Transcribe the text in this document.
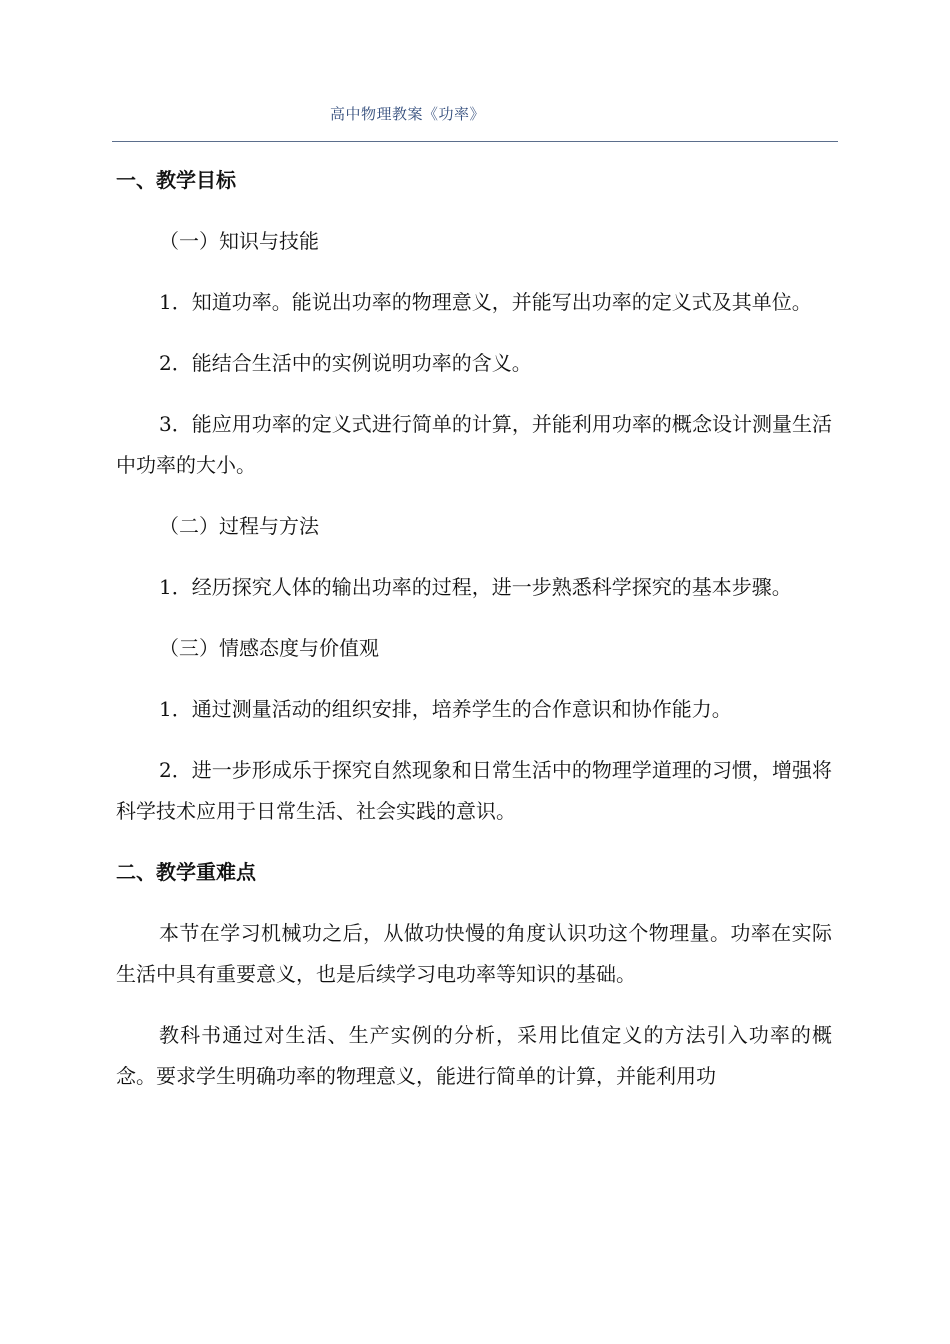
高中物理教案《功率》
一、教学目标
（一）知识与技能

1．知道功率。能说出功率的物理意义，并能写出功率的定义式及其单位。

2．能结合生活中的实例说明功率的含义。

3．能应用功率的定义式进行简单的计算，并能利用功率的概念设计测量生活中功率的大小。

（二）过程与方法

1．经历探究人体的输出功率的过程，进一步熟悉科学探究的基本步骤。

（三）情感态度与价值观

1．通过测量活动的组织安排，培养学生的合作意识和协作能力。

2．进一步形成乐于探究自然现象和日常生活中的物理学道理的习惯，增强将科学技术应用于日常生活、社会实践的意识。

二、教学重难点

本节在学习机械功之后，从做功快慢的角度认识功这个物理量。功率在实际生活中具有重要意义，也是后续学习电功率等知识的基础。

教科书通过对生活、生产实例的分析，采用比值定义的方法引入功率的概念。要求学生明确功率的物理意义，能进行简单的计算，并能利用功
